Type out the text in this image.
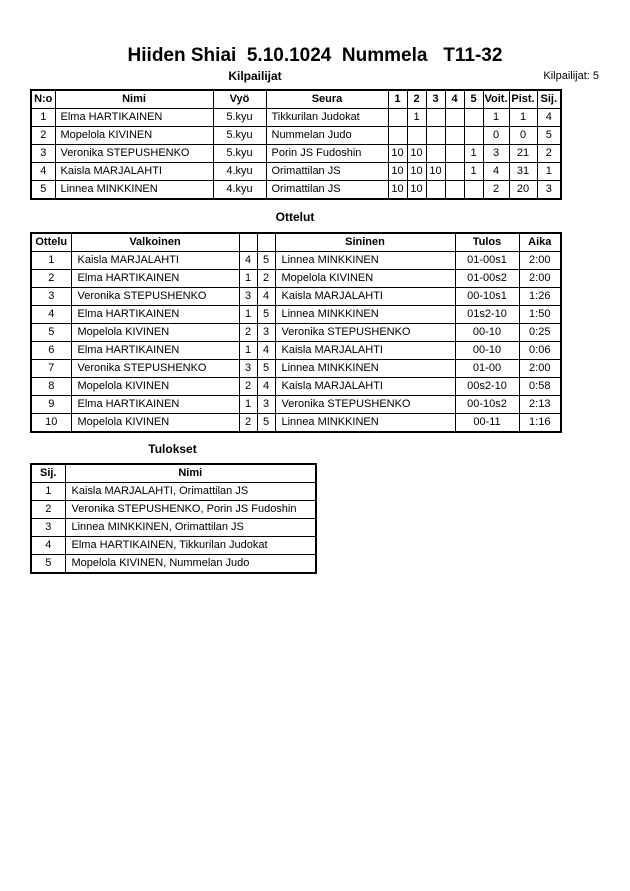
Hiiden Shiai  5.10.1024  Nummela   T11-32
Kilpailijat	Kilpailijat: 5
N:o	Nimi	Vyö	Seura	1	2	3	4	5	Voit.	Pist.	Sij.
1	Elma HARTIKAINEN	5.kyu	Tikkurilan Judokat		1				1	1	4
2	Mopelola KIVINEN	5.kyu	Nummelan Judo						0	0	5
3	Veronika STEPUSHENKO	5.kyu	Porin JS Fudoshin	10	10			1	3	21	2
4	Kaisla MARJALAHTI	4.kyu	Orimattilan JS	10	10	10		1	4	31	1
5	Linnea MINKKINEN	4.kyu	Orimattilan JS	10	10				2	20	3
Ottelut
Ottelu	Valkoinen			Sininen	Tulos	Aika
1	Kaisla MARJALAHTI	4	5	Linnea MINKKINEN	01-00s1	2:00
2	Elma HARTIKAINEN	1	2	Mopelola KIVINEN	01-00s2	2:00
3	Veronika STEPUSHENKO	3	4	Kaisla MARJALAHTI	00-10s1	1:26
4	Elma HARTIKAINEN	1	5	Linnea MINKKINEN	01s2-10	1:50
5	Mopelola KIVINEN	2	3	Veronika STEPUSHENKO	00-10	0:25
6	Elma HARTIKAINEN	1	4	Kaisla MARJALAHTI	00-10	0:06
7	Veronika STEPUSHENKO	3	5	Linnea MINKKINEN	01-00	2:00
8	Mopelola KIVINEN	2	4	Kaisla MARJALAHTI	00s2-10	0:58
9	Elma HARTIKAINEN	1	3	Veronika STEPUSHENKO	00-10s2	2:13
10	Mopelola KIVINEN	2	5	Linnea MINKKINEN	00-11	1:16
Tulokset
Sij.	Nimi
1	Kaisla MARJALAHTI, Orimattilan JS
2	Veronika STEPUSHENKO, Porin JS Fudoshin
3	Linnea MINKKINEN, Orimattilan JS
4	Elma HARTIKAINEN, Tikkurilan Judokat
5	Mopelola KIVINEN, Nummelan Judo
